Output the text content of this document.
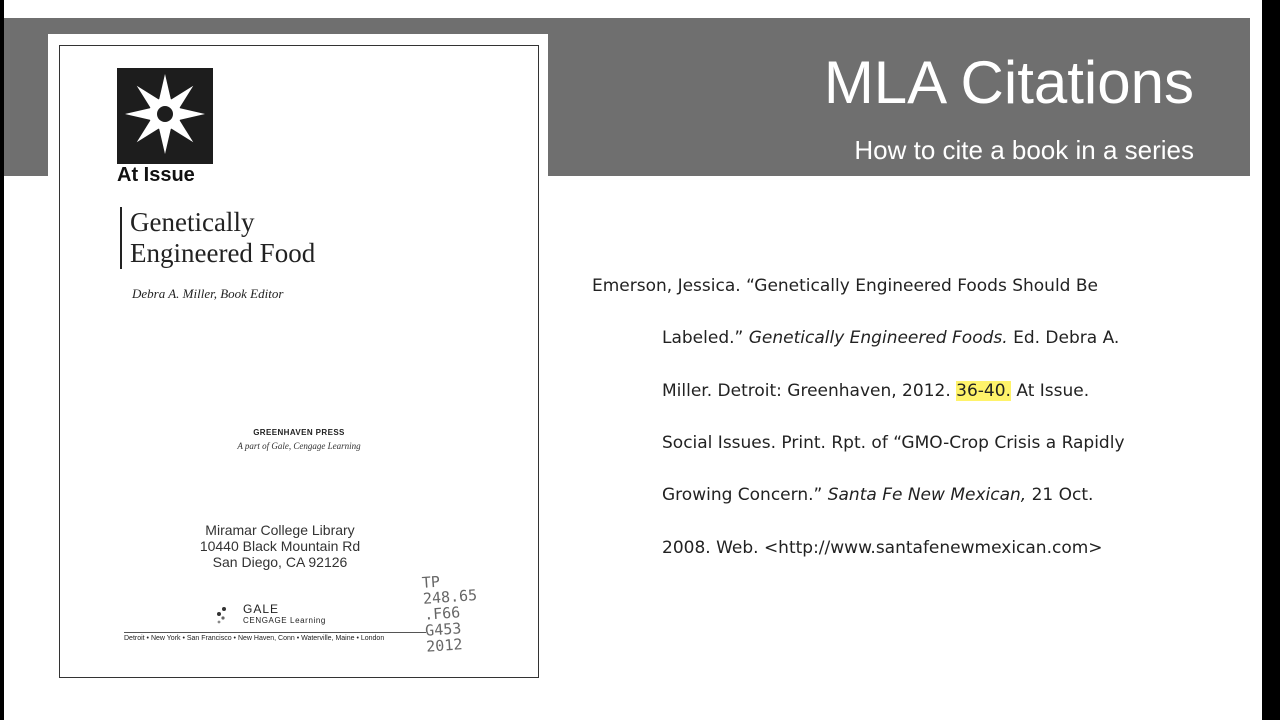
MLA Citations
How to cite a book in a series
At Issue
Genetically
Engineered Food
Debra A. Miller, Book Editor
GREENHAVEN PRESS
A part of Gale, Cengage Learning
Miramar College Library
10440 Black Mountain Rd
San Diego, CA 92126
GALE
CENGAGE Learning
Detroit • New York • San Francisco • New Haven, Conn • Waterville, Maine • London
TP
248.65
.F66
G453
2012
Emerson, Jessica. “Genetically Engineered Foods Should Be
Labeled.” Genetically Engineered Foods. Ed. Debra A.
Miller. Detroit: Greenhaven, 2012. 36-40. At Issue.
Social Issues. Print. Rpt. of “GMO-Crop Crisis a Rapidly
Growing Concern.” Santa Fe New Mexican, 21 Oct.
2008. Web. <http://www.santafenewmexican.com>
